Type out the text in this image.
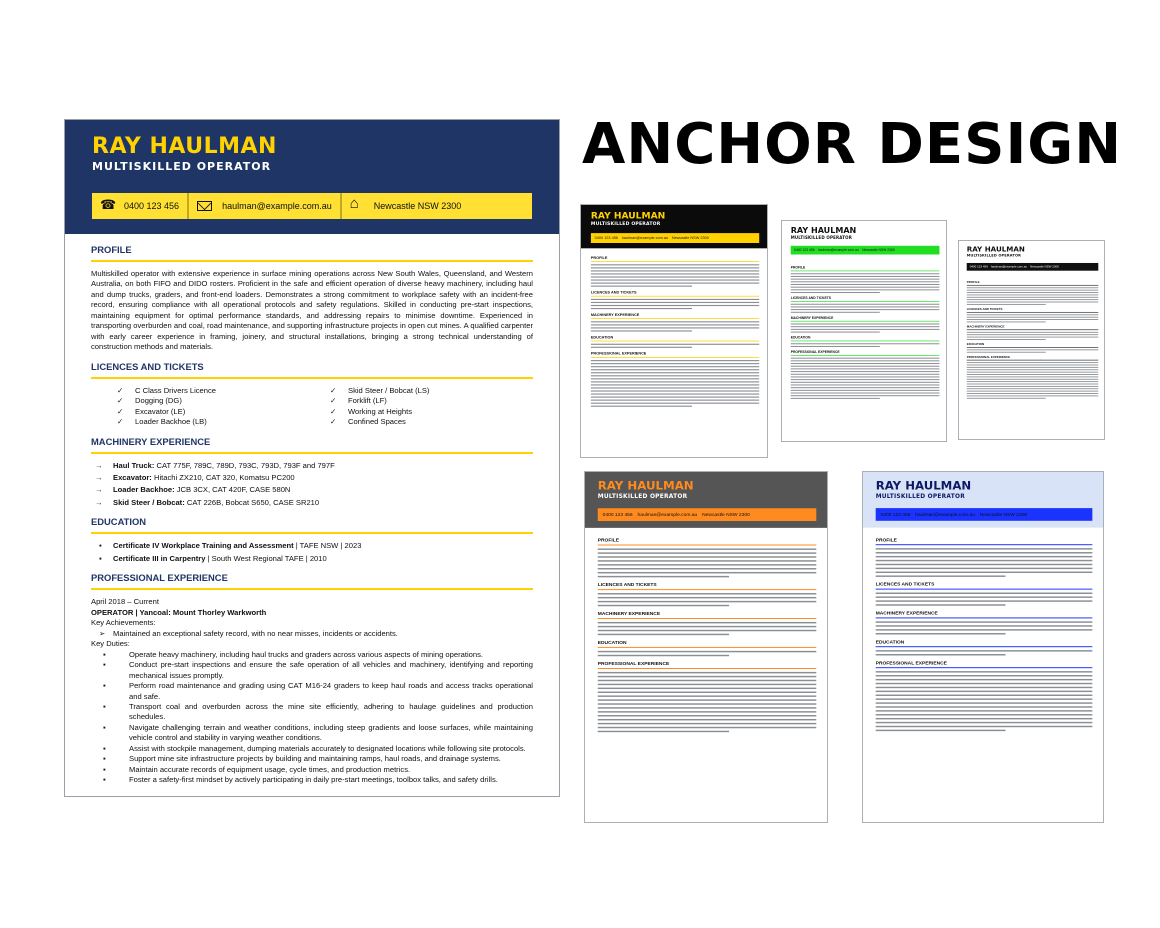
ANCHOR DESIGN
RAY HAULMAN
MULTISKILLED OPERATOR
☎
0400 123 456	haulman@example.com.au ⌂	Newcastle NSW 2300
PROFILE
Multiskilled operator with extensive experience in surface mining operations across New South Wales, Queensland, and Western Australia, on both FIFO and DIDO rosters. Proficient in the safe and efficient operation of diverse heavy machinery, including haul and dump trucks, graders, and front-end loaders. Demonstrates a strong commitment to workplace safety with an incident-free record, ensuring compliance with all operational protocols and safety regulations. Skilled in conducting pre-start inspections, maintaining equipment for optimal performance standards, and addressing repairs to minimise downtime. Experienced in transporting overburden and coal, road maintenance, and supporting infrastructure projects in open cut mines. A qualified carpenter with early career experience in framing, joinery, and structural installations, bringing a strong technical understanding of construction methods and materials.
LICENCES AND TICKETS
✓ C Class Drivers Licence	✓ Skid Steer / Bobcat (LS)
✓ Dogging (DG)	✓ Forklift (LF)
✓ Excavator (LE)	✓ Working at Heights
✓ Loader Backhoe (LB)	✓ Confined Spaces
MACHINERY EXPERIENCE
→ Haul Truck: CAT 775F, 789C, 789D, 793C, 793D, 793F and 797F
→ Excavator: Hitachi ZX210, CAT 320, Komatsu PC200
→ Loader Backhoe: JCB 3CX, CAT 420F, CASE 580N
→ Skid Steer / Bobcat: CAT 226B, Bobcat S650, CASE SR210
EDUCATION
▪ Certificate IV Workplace Training and Assessment | TAFE NSW | 2023
▪ Certificate III in Carpentry | South West Regional TAFE | 2010
PROFESSIONAL EXPERIENCE
April 2018 – Current
OPERATOR | Yancoal: Mount Thorley Warkworth
Key Achievements:
➢ Maintained an exceptional safety record, with no near misses, incidents or accidents.
Key Duties:
▪ Operate heavy machinery, including haul trucks and graders across various aspects of mining operations.
▪ Conduct pre-start inspections and ensure the safe operation of all vehicles and machinery, identifying and reporting mechanical issues promptly.
▪ Perform road maintenance and grading using CAT M16-24 graders to keep haul roads and access tracks operational and safe.
▪ Transport coal and overburden across the mine site efficiently, adhering to haulage guidelines and production schedules.
▪ Navigate challenging terrain and weather conditions, including steep gradients and loose surfaces, while maintaining vehicle control and stability in varying weather conditions.
▪ Assist with stockpile management, dumping materials accurately to designated locations while following site protocols.
▪ Support mine site infrastructure projects by building and maintaining ramps, haul roads, and drainage systems.
▪ Maintain accurate records of equipment usage, cycle times, and production metrics.
▪ Foster a safety-first mindset by actively participating in daily pre-start meetings, toolbox talks, and safety drills.
RAY HAULMAN
MULTISKILLED OPERATOR
0400 123 456 haulman@example.com.au Newcastle NSW 2300
PROFILE
LICENCES AND TICKETS
MACHINERY EXPERIENCE
EDUCATION
PROFESSIONAL EXPERIENCE
RAY HAULMAN
MULTISKILLED OPERATOR
0400 123 456 haulman@example.com.au Newcastle NSW 2300
PROFILE
LICENCES AND TICKETS
MACHINERY EXPERIENCE
EDUCATION
PROFESSIONAL EXPERIENCE
RAY HAULMAN
MULTISKILLED OPERATOR
0400 123 456 haulman@example.com.au Newcastle NSW 2300
PROFILE
LICENCES AND TICKETS
MACHINERY EXPERIENCE
EDUCATION
PROFESSIONAL EXPERIENCE
RAY HAULMAN
MULTISKILLED OPERATOR
0400 123 456 haulman@example.com.au Newcastle NSW 2300
PROFILE
LICENCES AND TICKETS
MACHINERY EXPERIENCE
EDUCATION
PROFESSIONAL EXPERIENCE
RAY HAULMAN
MULTISKILLED OPERATOR
0400 123 456 haulman@example.com.au Newcastle NSW 2300
PROFILE
LICENCES AND TICKETS
MACHINERY EXPERIENCE
EDUCATION
PROFESSIONAL EXPERIENCE
